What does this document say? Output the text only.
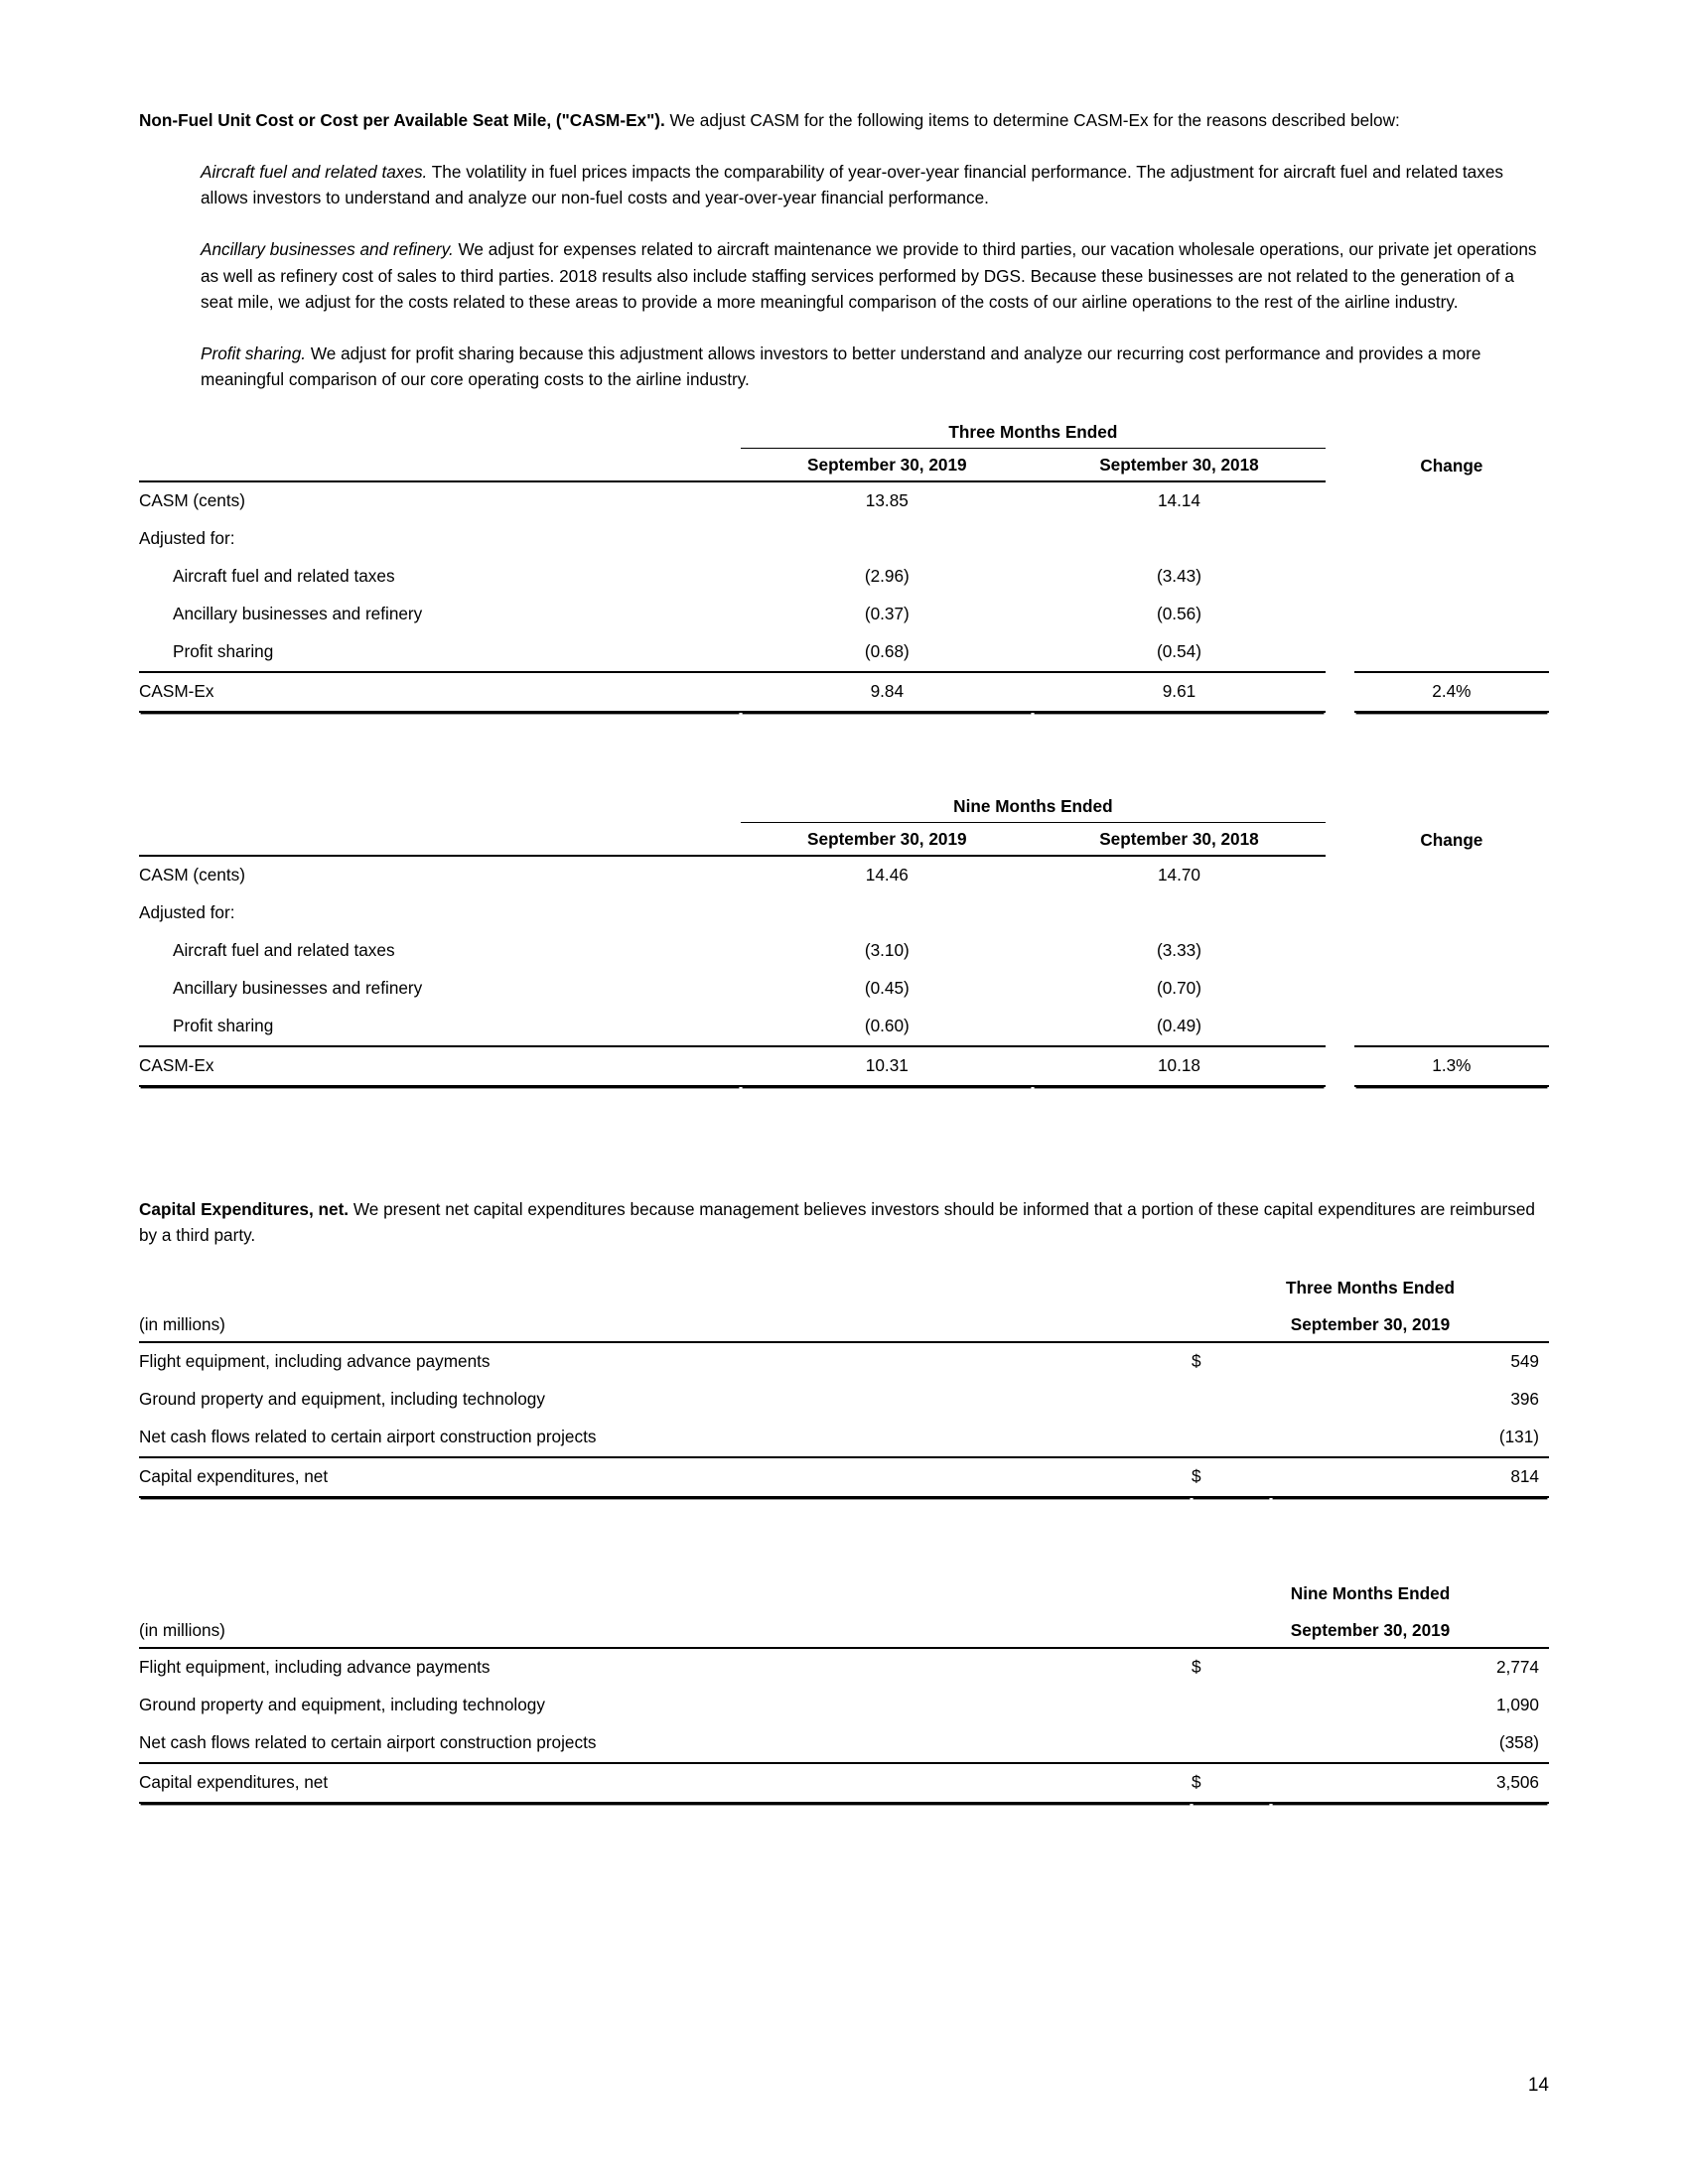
Non-Fuel Unit Cost or Cost per Available Seat Mile, ("CASM-Ex"). We adjust CASM for the following items to determine CASM-Ex for the reasons described below:

Aircraft fuel and related taxes. The volatility in fuel prices impacts the comparability of year-over-year financial performance. The adjustment for aircraft fuel and related taxes allows investors to understand and analyze our non-fuel costs and year-over-year financial performance.

Ancillary businesses and refinery. We adjust for expenses related to aircraft maintenance we provide to third parties, our vacation wholesale operations, our private jet operations as well as refinery cost of sales to third parties. 2018 results also include staffing services performed by DGS. Because these businesses are not related to the generation of a seat mile, we adjust for the costs related to these areas to provide a more meaningful comparison of the costs of our airline operations to the rest of the airline industry.

Profit sharing. We adjust for profit sharing because this adjustment allows investors to better understand and analyze our recurring cost performance and provides a more meaningful comparison of our core operating costs to the airline industry.

	Three Months Ended			
	September 30, 2019	September 30, 2018		Change
CASM (cents)	13.85	14.14		
Adjusted for:				
Aircraft fuel and related taxes	(2.96)	(3.43)		
Ancillary businesses and refinery	(0.37)	(0.56)		
Profit sharing	(0.68)	(0.54)		
CASM-Ex	9.84	9.61		2.4%
	Nine Months Ended			
	September 30, 2019	September 30, 2018		Change
CASM (cents)	14.46	14.70		
Adjusted for:				
Aircraft fuel and related taxes	(3.10)	(3.33)		
Ancillary businesses and refinery	(0.45)	(0.70)		
Profit sharing	(0.60)	(0.49)		
CASM-Ex	10.31	10.18		1.3%

Capital Expenditures, net. We present net capital expenditures because management believes investors should be informed that a portion of these capital expenditures are reimbursed by a third party.

	Three Months Ended	
(in millions)	September 30, 2019	
Flight equipment, including advance payments	$	549
Ground property and equipment, including technology		396
Net cash flows related to certain airport construction projects		(131)
Capital expenditures, net	$	814
	Nine Months Ended	
(in millions)	September 30, 2019	
Flight equipment, including advance payments	$	2,774
Ground property and equipment, including technology		1,090
Net cash flows related to certain airport construction projects		(358)
Capital expenditures, net	$	3,506
14
